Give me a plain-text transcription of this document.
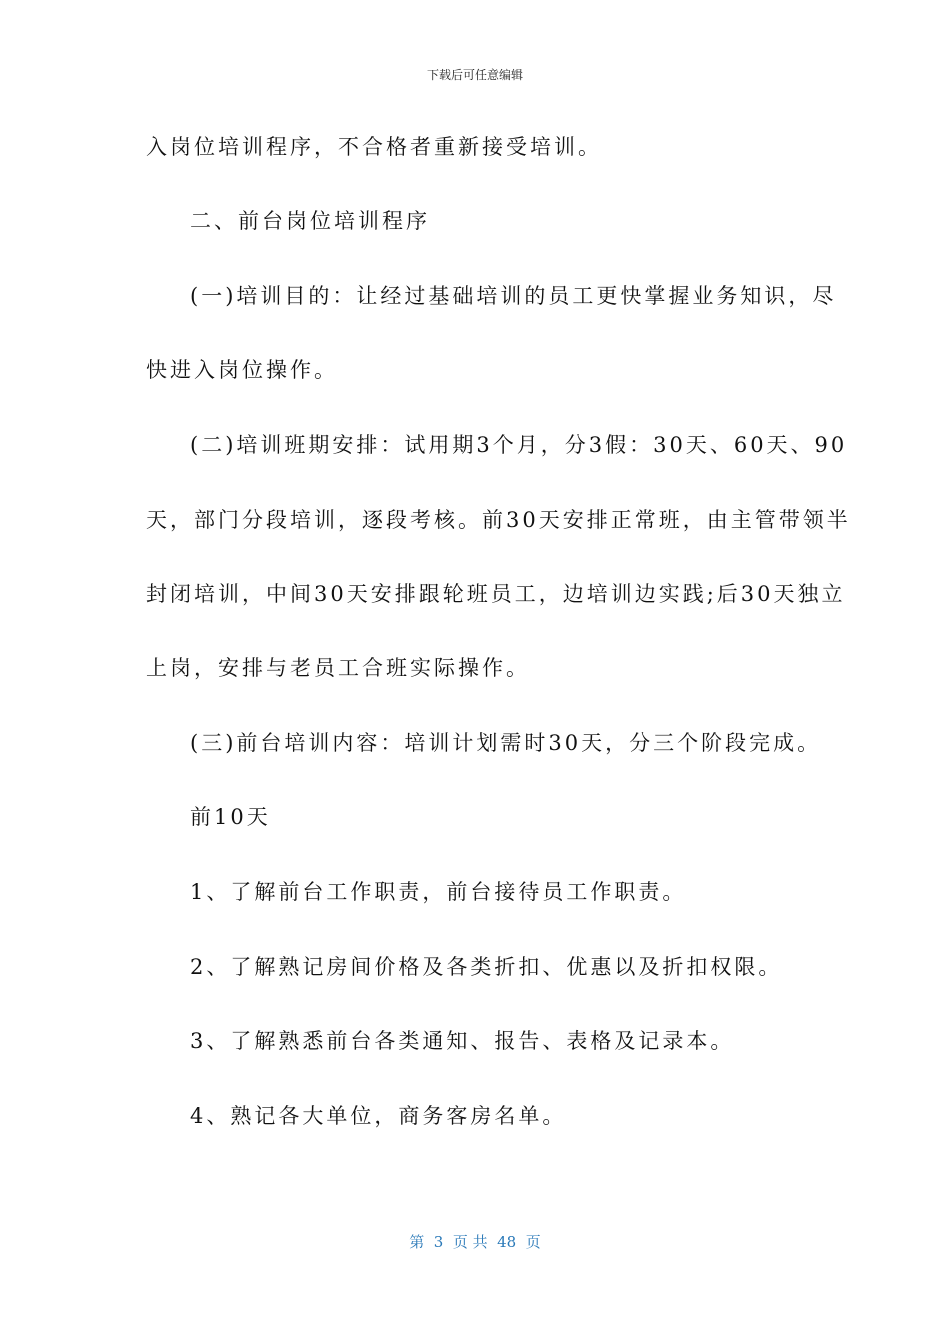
下载后可任意编辑
入岗位培训程序，不合格者重新接受培训。
二、前台岗位培训程序
(一)培训目的：让经过基础培训的员工更快掌握业务知识，尽
快进入岗位操作。
(二)培训班期安排：试用期3个月，分3假：30天、60天、90
天，部门分段培训，逐段考核。前30天安排正常班，由主管带领半
封闭培训，中间30天安排跟轮班员工，边培训边实践;后30天独立
上岗，安排与老员工合班实际操作。
(三)前台培训内容：培训计划需时30天，分三个阶段完成。
前10天
1、了解前台工作职责，前台接待员工作职责。
2、了解熟记房间价格及各类折扣、优惠以及折扣权限。
3、了解熟悉前台各类通知、报告、表格及记录本。
4、熟记各大单位，商务客房名单。
第  3  页 共  48  页
